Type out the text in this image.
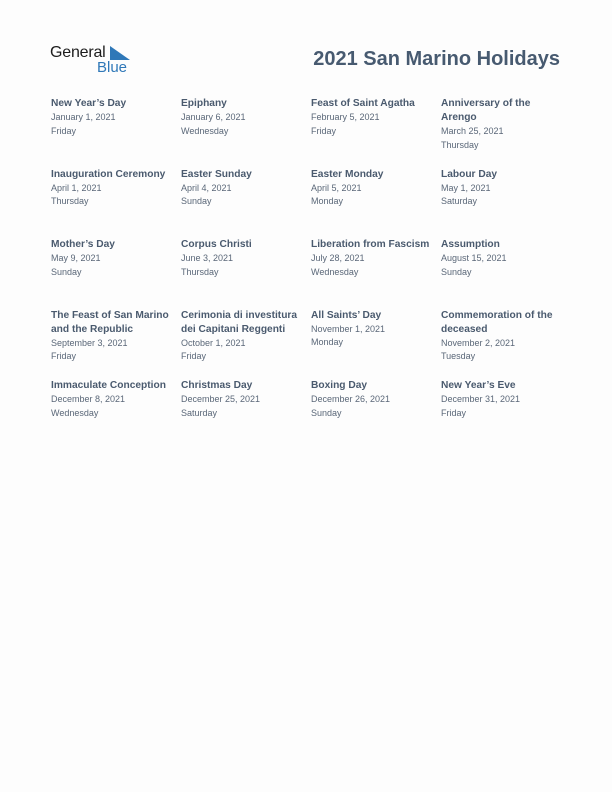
General
Blue	2021 San Marino Holidays
New Year’s Day
January 1, 2021
Friday
Epiphany
January 6, 2021
Wednesday
Feast of Saint Agatha
February 5, 2021
Friday
Anniversary of the Arengo
March 25, 2021
Thursday
Inauguration Ceremony
April 1, 2021
Thursday
Easter Sunday
April 4, 2021
Sunday
Easter Monday
April 5, 2021
Monday
Labour Day
May 1, 2021
Saturday
Mother’s Day
May 9, 2021
Sunday
Corpus Christi
June 3, 2021
Thursday
Liberation from Fascism
July 28, 2021
Wednesday
Assumption
August 15, 2021
Sunday
The Feast of San Marino and the Republic
September 3, 2021
Friday
Cerimonia di investitura dei Capitani Reggenti
October 1, 2021
Friday
All Saints’ Day
November 1, 2021
Monday
Commemoration of the deceased
November 2, 2021
Tuesday
Immaculate Conception
December 8, 2021
Wednesday
Christmas Day
December 25, 2021
Saturday
Boxing Day
December 26, 2021
Sunday
New Year’s Eve
December 31, 2021
Friday
